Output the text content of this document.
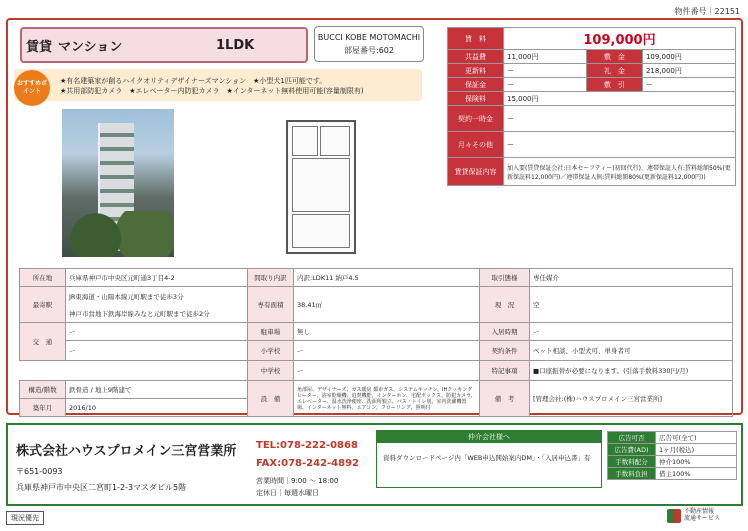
物件番号｜22151
賃貸 マンション	1LDK	BUCCI KOBE MOTOMACHI
部屋番号:602
★有名建築家が創るハイクオリティデザイナーズマンション　★小型犬1匹可能です。
★共用部防犯カメラ　★エレベーター内防犯カメラ　★インターネット無料使用可能(容量制限有)
おすすめポイント
賃　料	109,000円		
共益費	11,000円	敷　金	109,000円
更新料	ー	礼　金	218,000円
保証金	ー	敷　引	ー
保険料	15,000円		
契約一時金	ー		
月々その他	ー		
賃貸保証内容	加入要(賃貸保証会社:日本セーフティー(初回代行)、連帯保証人有:賃料総額50%(更新保証料12,000円)／連帯保証人無:賃料総額80%(更新保証料12,000円))		
所在地	兵庫県神戸市中央区元町通3丁目4-2	間取り内訳	内訳:LDK11 納戸4.5	取引態様	専任媒介
最寄駅	JR東海道・山陽本線元町駅まで徒歩3分
神戸市営地下鉄海岸線みなと元町駅まで徒歩2分	専有面積	38.41㎡	現　況	空
交　通	ー	駐車場	無し	入居時期	ー
	ー	小学校	ー	契約条件	ペット相談、小型犬可、単身者可
		中学校	ー	特記事項	■口座振替が必要になります。(引落手数料330円/月)
構造/階数	鉄骨造 / 地上9階建て	設　備	角部屋、デザイナーズ、ガス暖房 都市ガス、システムキッチン、IHクッキングヒーター、浴室乾燥機、追焚機能、インターホン、宅配ボックス、防犯カメラ、エレベーター、温水洗浄便座、洗面所独立、バス・トイレ別、室内洗濯機置場、インターネット無料、エアコン、フローリング、照明付	備　考	[管理会社:(株)ハウスプロメイン三宮営業所]
築年月	2016/10				
株式会社ハウスプロメイン三宮営業所
〒651-0093
兵庫県神戸市中央区二宮町1-2-3マスダビル5階
TEL:078-222-0868
FAX:078-242-4892
営業時間｜9:00 ～ 18:00
定休日｜毎週水曜日
仲介会社様へ
資料ダウンロードページ内「WEB申込開始案内DM」・「入居申込書」有
広告可否	広告可(全て)
広告費(AD)	1ヶ月(税込)
手数料配分	仲介100%
手数料負担	借主100%
現況優先
不動産情報
流通サービス
